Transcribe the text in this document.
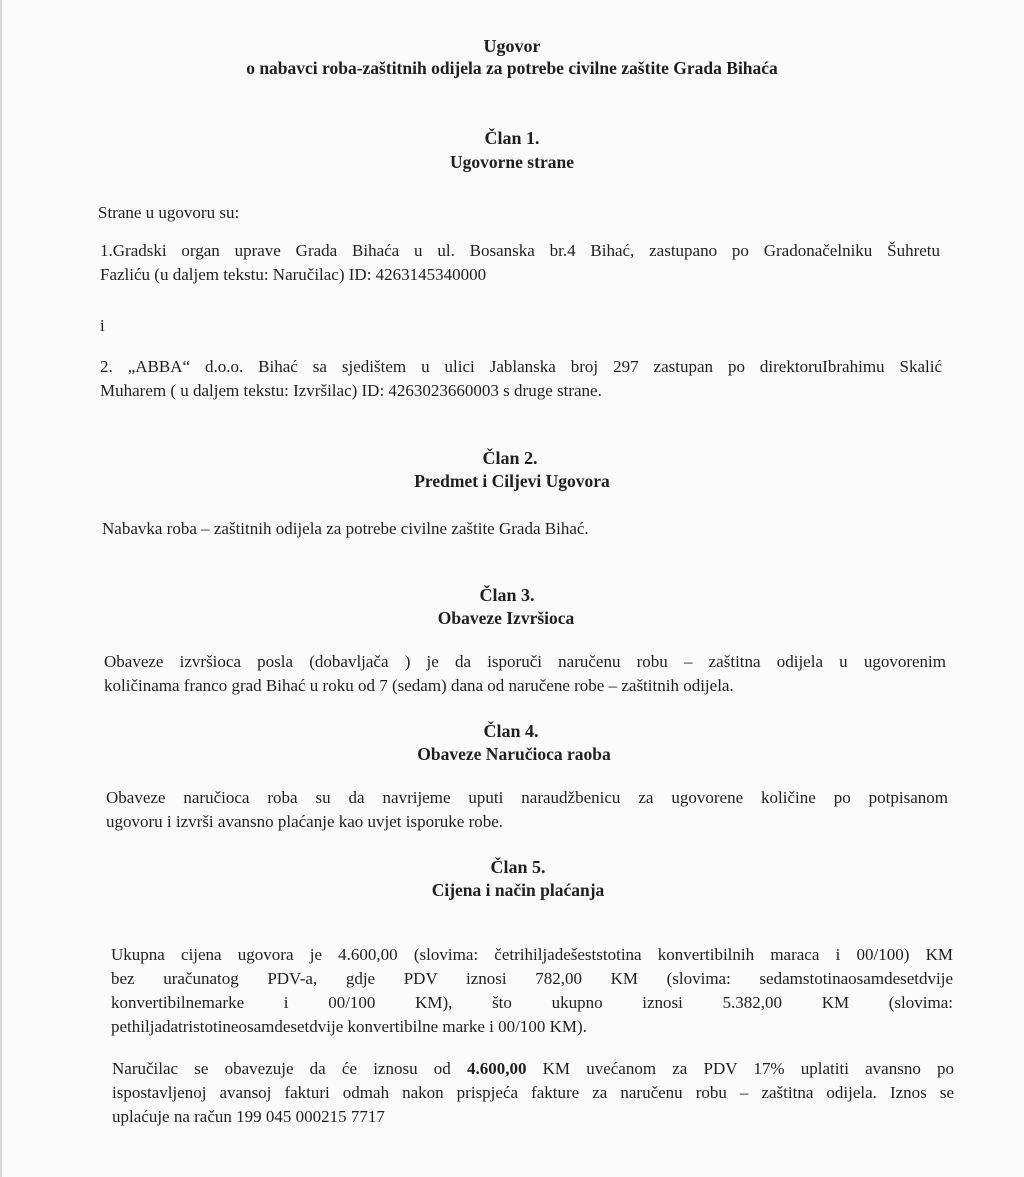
Ugovor
o nabavci roba-zaštitnih odijela za potrebe civilne zaštite Grada Bihaća
Član 1.
Ugovorne strane
Strane u ugovoru su:
1.Gradski organ uprave Grada Bihaća u ul. Bosanska br.4 Bihać, zastupano po Gradonačelniku Šuhretu
Fazliću (u daljem tekstu: Naručilac) ID: 4263145340000
i
2. „ABBA“ d.o.o. Bihać sa sjedištem u ulici Jablanska broj 297 zastupan po direktoruIbrahimu Skalić
Muharem ( u daljem tekstu: Izvršilac) ID: 4263023660003 s druge strane.
Član 2.
Predmet i Ciljevi Ugovora
Nabavka roba – zaštitnih odijela za potrebe civilne zaštite Grada Bihać.
Član 3.
Obaveze Izvršioca
Obaveze izvršioca posla (dobavljača ) je da isporuči naručenu robu – zaštitna odijela u ugovorenim
količinama franco grad Bihać u roku od 7 (sedam) dana od naručene robe – zaštitnih odijela.
Član 4.
Obaveze Naručioca raoba
Obaveze naručioca roba su da navrijeme uputi naraudžbenicu za ugovorene količine po potpisanom
ugovoru i izvrši avansno plaćanje kao uvjet isporuke robe.
Član 5.
Cijena i način plaćanja
Ukupna cijena ugovora je 4.600,00 (slovima: četrihiljadešeststotina konvertibilnih maraca i 00/100) KM
bez uračunatog PDV-a, gdje PDV iznosi 782,00 KM (slovima: sedamstotinaosamdesetdvije
konvertibilnemarke i 00/100 KM), što ukupno iznosi 5.382,00 KM (slovima:
pethiljadatristotineosamdesetdvije konvertibilne marke i 00/100 KM).
Naručilac se obavezuje da će iznosu od 4.600,00 KM uvećanom za PDV 17% uplatiti avansno po
ispostavljenoj avansoj fakturi odmah nakon prispjeća fakture za naručenu robu – zaštitna odijela. Iznos se
uplaćuje na račun 199 045 000215 7717
